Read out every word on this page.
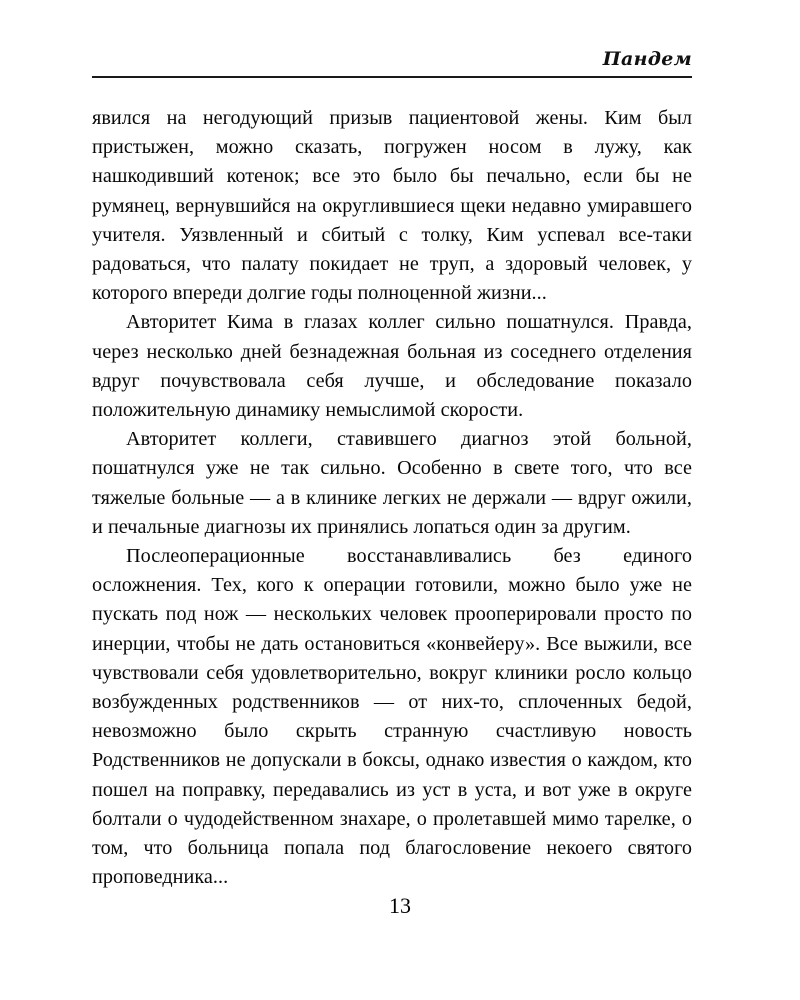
Пандем

явился на негодующий призыв пациентовой жены. Ким был пристыжен, можно сказать, погружен носом в лужу, как нашкодивший котенок; все это было бы печально, если бы не румянец, вернувшийся на округлившиеся щеки недавно умиравшего учителя. Уязвленный и сбитый с толку, Ким успевал все-таки радоваться, что палату покидает не труп, а здоровый человек, у которого впереди долгие годы полноценной жизни...

Авторитет Кима в глазах коллег сильно пошатнулся. Правда, через несколько дней безнадежная больная из соседнего отделения вдруг почувствовала себя лучше, и обследование показало положительную динамику немыслимой скорости.

Авторитет коллеги, ставившего диагноз этой больной, пошатнулся уже не так сильно. Особенно в свете того, что все тяжелые больные — а в клинике легких не держали — вдруг ожили, и печальные диагнозы их принялись лопаться один за другим.

Послеоперационные восстанавливались без единого осложнения. Тех, кого к операции готовили, можно было уже не пускать под нож — нескольких человек прооперировали просто по инерции, чтобы не дать остановиться «конвейеру». Все выжили, все чувствовали себя удовлетворительно, вокруг клиники росло кольцо возбужденных родственников — от них-то, сплоченных бедой, невозможно было скрыть странную счастливую новость Родственников не допускали в боксы, однако известия о каждом, кто пошел на поправку, передавались из уст в уста, и вот уже в округе болтали о чудодейственном знахаре, о пролетавшей мимо тарелке, о том, что больница попала под благословение некоего святого проповедника...

13
